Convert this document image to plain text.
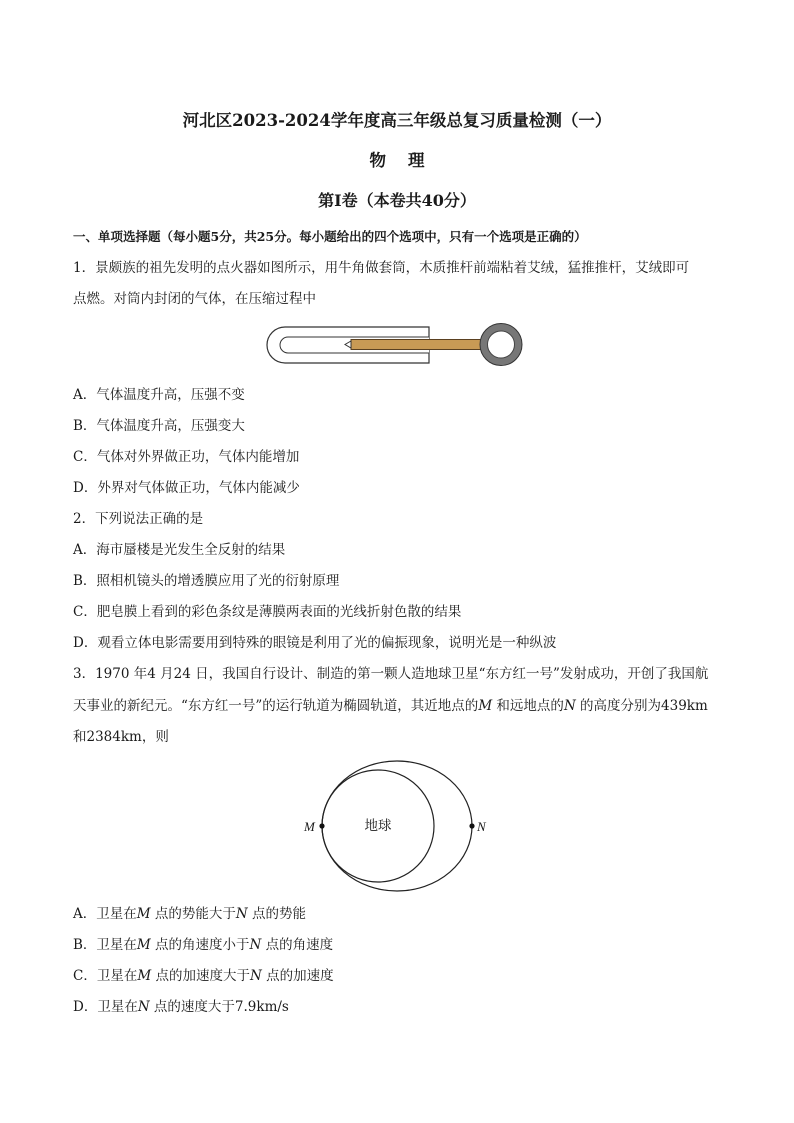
河北区2023-2024学年度高三年级总复习质量检测（一）
物理
第Ⅰ卷（本卷共40分）
一、单项选择题（每小题5分，共25分。每小题给出的四个选项中，只有一个选项是正确的）
1．景颇族的祖先发明的点火器如图所示，用牛角做套筒，木质推杆前端粘着艾绒，猛推推杆，艾绒即可
点燃。对筒内封闭的气体，在压缩过程中
A．气体温度升高，压强不变
B．气体温度升高，压强变大
C．气体对外界做正功，气体内能增加
D．外界对气体做正功，气体内能减少
2．下列说法正确的是
A．海市蜃楼是光发生全反射的结果
B．照相机镜头的增透膜应用了光的衍射原理
C．肥皂膜上看到的彩色条纹是薄膜两表面的光线折射色散的结果
D．观看立体电影需要用到特殊的眼镜是利用了光的偏振现象，说明光是一种纵波
3．1970 年4 月24 日，我国自行设计、制造的第一颗人造地球卫星“东方红一号”发射成功，开创了我国航
天事业的新纪元。“东方红一号”的运行轨道为椭圆轨道，其近地点的M 和远地点的N 的高度分别为439km
和2384km，则
地球
M	N
A．卫星在M 点的势能大于N 点的势能
B．卫星在M 点的角速度小于N 点的角速度
C．卫星在M 点的加速度大于N 点的加速度
D．卫星在N 点的速度大于7.9km/s
